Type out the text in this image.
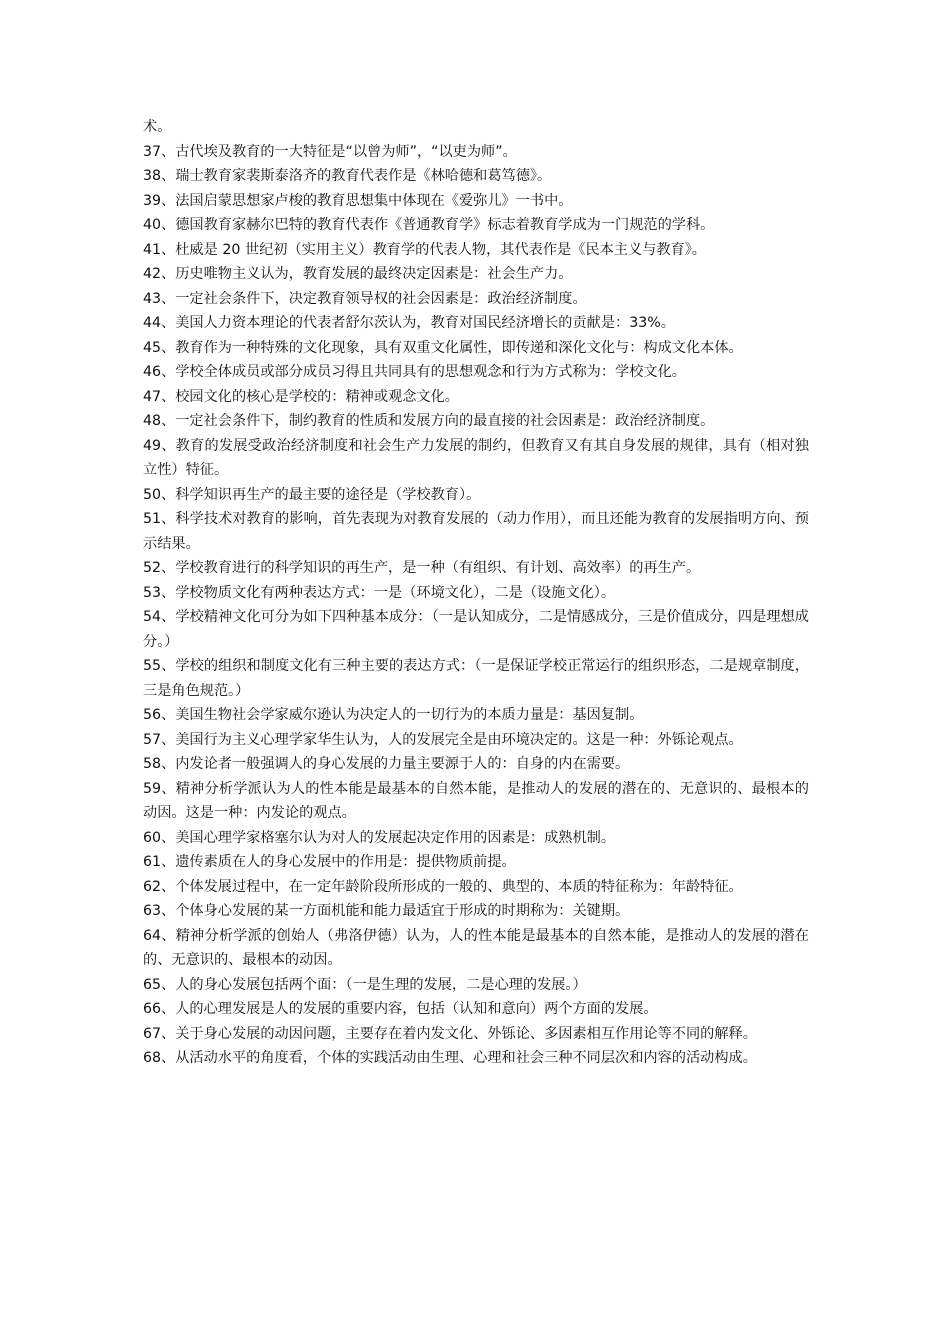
术。

37、古代埃及教育的一大特征是“以曾为师”，“以吏为师”。

38、瑞士教育家裴斯泰洛齐的教育代表作是《林哈德和葛笃德》。

39、法国启蒙思想家卢梭的教育思想集中体现在《爱弥儿》一书中。

40、德国教育家赫尔巴特的教育代表作《普通教育学》标志着教育学成为一门规范的学科。

41、杜威是 20 世纪初（实用主义）教育学的代表人物，其代表作是《民本主义与教育》。

42、历史唯物主义认为，教育发展的最终决定因素是：社会生产力。

43、一定社会条件下，决定教育领导权的社会因素是：政治经济制度。

44、美国人力资本理论的代表者舒尔茨认为，教育对国民经济增长的贡献是：33%。

45、教育作为一种特殊的文化现象，具有双重文化属性，即传递和深化文化与：构成文化本体。

46、学校全体成员或部分成员习得且共同具有的思想观念和行为方式称为：学校文化。

47、校园文化的核心是学校的：精神或观念文化。

48、一定社会条件下，制约教育的性质和发展方向的最直接的社会因素是：政治经济制度。

49、教育的发展受政治经济制度和社会生产力发展的制约，但教育又有其自身发展的规律，具有（相对独立性）特征。

50、科学知识再生产的最主要的途径是（学校教育）。

51、科学技术对教育的影响，首先表现为对教育发展的（动力作用），而且还能为教育的发展指明方向、预示结果。

52、学校教育进行的科学知识的再生产，是一种（有组织、有计划、高效率）的再生产。

53、学校物质文化有两种表达方式：一是（环境文化），二是（设施文化）。

54、学校精神文化可分为如下四种基本成分：（一是认知成分，二是情感成分，三是价值成分，四是理想成分。）

55、学校的组织和制度文化有三种主要的表达方式：（一是保证学校正常运行的组织形态，二是规章制度，三是角色规范。）

56、美国生物社会学家威尔逊认为决定人的一切行为的本质力量是：基因复制。

57、美国行为主义心理学家华生认为，人的发展完全是由环境决定的。这是一种：外铄论观点。

58、内发论者一般强调人的身心发展的力量主要源于人的：自身的内在需要。

59、精神分析学派认为人的性本能是最基本的自然本能，是推动人的发展的潜在的、无意识的、最根本的动因。这是一种：内发论的观点。

60、美国心理学家格塞尔认为对人的发展起决定作用的因素是：成熟机制。

61、遗传素质在人的身心发展中的作用是：提供物质前提。

62、个体发展过程中，在一定年龄阶段所形成的一般的、典型的、本质的特征称为：年龄特征。

63、个体身心发展的某一方面机能和能力最适宜于形成的时期称为：关键期。

64、精神分析学派的创始人（弗洛伊德）认为，人的性本能是最基本的自然本能，是推动人的发展的潜在的、无意识的、最根本的动因。

65、人的身心发展包括两个面：（一是生理的发展，二是心理的发展。）

66、人的心理发展是人的发展的重要内容，包括（认知和意向）两个方面的发展。

67、关于身心发展的动因问题，主要存在着内发文化、外铄论、多因素相互作用论等不同的解释。

68、从活动水平的角度看，个体的实践活动由生理、心理和社会三种不同层次和内容的活动构成。
